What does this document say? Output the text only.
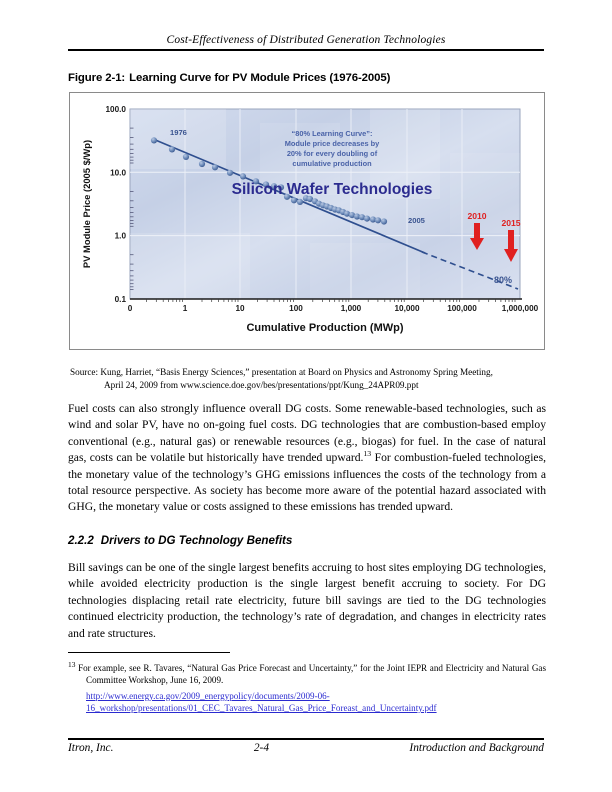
Cost-Effectiveness of Distributed Generation Technologies
Figure 2-1: Learning Curve for PV Module Prices (1976-2005)
100.0
10.0
1.0
0.1
0	1	10	100	1,000	10,000	100,000	1,000,000
Cumulative Production (MWp)
PV Module Price (2005 $/Wp)
1976
2005
“80% Learning Curve”:
Module price decreases by
20% for every doubling of
cumulative production
Silicon Wafer Technologies
2010
2015
80%
Source: Kung, Harriet, “Basis Energy Sciences,” presentation at Board on Physics and Astronomy Spring Meeting,
April 24, 2009 from www.science.doe.gov/bes/presentations/ppt/Kung_24APR09.ppt
Fuel costs can also strongly influence overall DG costs. Some renewable-based technologies, such as wind and solar PV, have no on-going fuel costs. DG technologies that are combustion-based employ conventional (e.g., natural gas) or renewable resources (e.g., biogas) for fuel. In the case of natural gas, costs can be volatile but historically have trended upward.$^{13}$ For combustion-fueled technologies, the monetary value of the technology’s GHG emissions influences the costs of the technology from a total resource perspective. As society has become more aware of the potential hazard associated with GHG, the monetary value or costs assigned to these emissions has trended upward.
2.2.2 Drivers to DG Technology Benefits
Bill savings can be one of the single largest benefits accruing to host sites employing DG technologies, while avoided electricity production is the single largest benefit accruing to society. For DG technologies displacing retail rate electricity, future bill savings are tied to the DG technologies continued electricity production, the technology’s rate of degradation, and changes in electricity rates and rate structures.
$^{13}$ For example, see R. Tavares, “Natural Gas Price Forecast and Uncertainty,” for the Joint IEPR and Electricity and Natural Gas Committee Workshop, June 16, 2009.
http://www.energy.ca.gov/2009_energypolicy/documents/2009-06-
16_workshop/presentations/01_CEC_Tavares_Natural_Gas_Price_Foreast_and_Uncertainty.pdf
Itron, Inc.	2-4	Introduction and Background
